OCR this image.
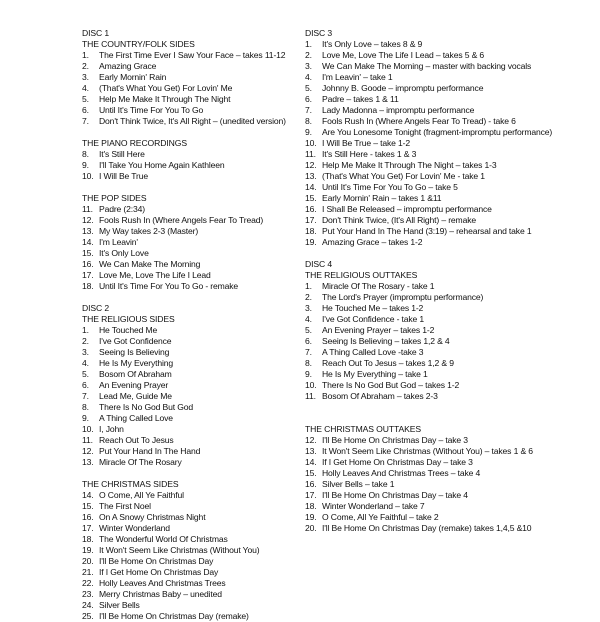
DISC 1
THE COUNTRY/FOLK SIDES
1.	The First Time Ever I Saw Your Face – takes 11-12
2.	Amazing Grace
3.	Early Mornin' Rain
4.	(That's What You Get) For Lovin' Me
5.	Help Me Make It Through The Night
6.	Until It's Time For You To Go
7.	Don't Think Twice, It's All Right – (unedited version)
THE PIANO RECORDINGS
8.	It's Still Here
9.	I'll Take You Home Again Kathleen
10. I Will Be True
THE POP SIDES
11. Padre (2:34)
12. Fools Rush In (Where Angels Fear To Tread)
13. My Way takes 2-3 (Master)
14. I'm Leavin'
15. It's Only Love
16. We Can Make The Morning
17. Love Me, Love The Life I Lead
18. Until It's Time For You To Go - remake
DISC 2
THE RELIGIOUS SIDES
1.	He Touched Me
2.	I've Got Confidence
3.	Seeing Is Believing
4.	He Is My Everything
5.	Bosom Of Abraham
6.	An Evening Prayer
7.	Lead Me, Guide Me
8.	There Is No God But God
9.	A Thing Called Love
10. I, John
11. Reach Out To Jesus
12. Put Your Hand In The Hand
13. Miracle Of The Rosary
THE CHRISTMAS SIDES
14. O Come, All Ye Faithful
15. The First Noel
16. On A Snowy Christmas Night
17. Winter Wonderland
18. The Wonderful World Of Christmas
19. It Won't Seem Like Christmas (Without You)
20. I'll Be Home On Christmas Day
21. If I Get Home On Christmas Day
22. Holly Leaves And Christmas Trees
23. Merry Christmas Baby – unedited
24. Silver Bells
25. I'll Be Home On Christmas Day (remake)
DISC 3
1.	It's Only Love – takes 8 & 9
2.	Love Me, Love The Life I Lead – takes 5 & 6
3.	We Can Make The Morning – master with backing vocals
4.	I'm Leavin' – take 1
5.	Johnny B. Goode – impromptu performance
6.	Padre – takes 1 & 11
7.	Lady Madonna – impromptu performance
8.	Fools Rush In (Where Angels Fear To Tread) - take 6
9.	Are You Lonesome Tonight (fragment-impromptu performance)
10. I Will Be True – take 1-2
11. It's Still Here - takes 1 & 3
12. Help Me Make It Through The Night – takes 1-3
13. (That's What You Get) For Lovin' Me - take 1
14. Until It's Time For You To Go – take 5
15. Early Mornin' Rain – takes 1 &11
16. I Shall Be Released – impromptu performance
17. Don't Think Twice, (It's All Right) – remake
18. Put Your Hand In The Hand (3:19) – rehearsal and take 1
19. Amazing Grace – takes 1-2
DISC 4
THE RELIGIOUS OUTTAKES
1.	Miracle Of The Rosary - take 1
2.	The Lord's Prayer (impromptu performance)
3.	He Touched Me – takes 1-2
4.	I've Got Confidence - take 1
5.	An Evening Prayer – takes 1-2
6.	Seeing Is Believing – takes 1,2 & 4
7.	A Thing Called Love -take 3
8.	Reach Out To Jesus – takes 1,2 & 9
9.	He Is My Everything – take 1
10. There Is No God But God – takes 1-2
11. Bosom Of Abraham – takes 2-3
THE CHRISTMAS OUTTAKES
12. I'll Be Home On Christmas Day – take 3
13. It Won't Seem Like Christmas (Without You) – takes 1 & 6
14. If I Get Home On Christmas Day – take 3
15. Holly Leaves And Christmas Trees – take 4
16. Silver Bells – take 1
17. I'll Be Home On Christmas Day – take 4
18. Winter Wonderland – take 7
19. O Come, All Ye Faithful – take 2
20. I'll Be Home On Christmas Day (remake) takes 1,4,5 &10
